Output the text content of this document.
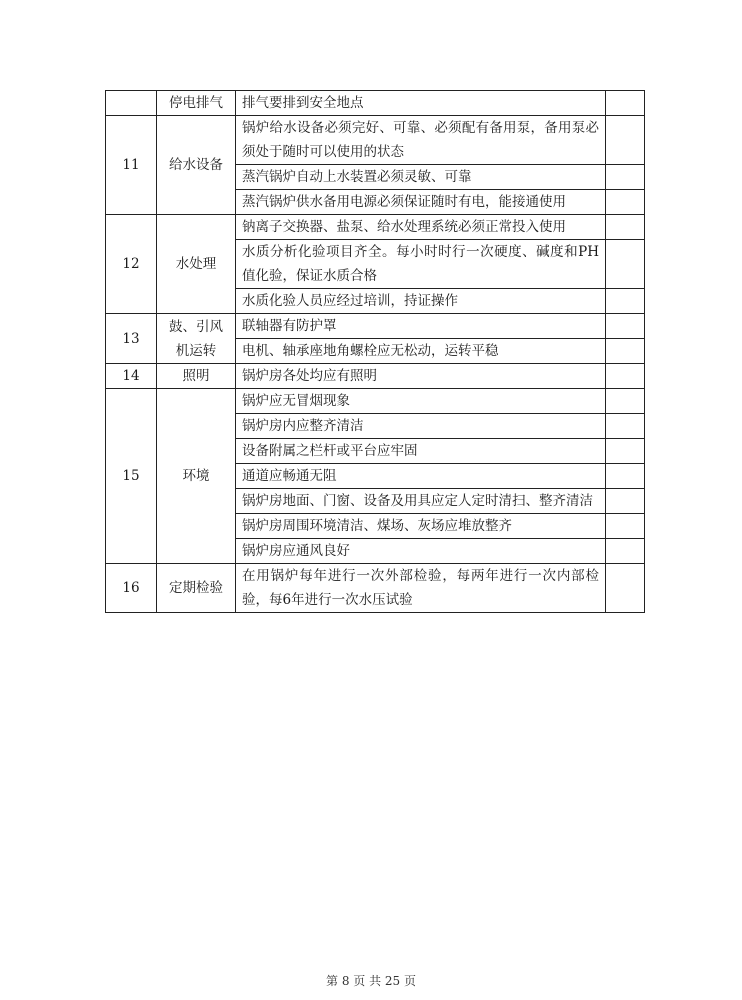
	停电排气	排气要排到安全地点	
11	给水设备	锅炉给水设备必须完好、可靠、必须配有备用泵，备用泵必须处于随时可以使用的状态	
		蒸汽锅炉自动上水装置必须灵敏、可靠	
		蒸汽锅炉供水备用电源必须保证随时有电，能接通使用	
12	水处理	钠离子交换器、盐泵、给水处理系统必须正常投入使用	
		水质分析化验项目齐全。每小时时行一次硬度、碱度和PH值化验，保证水质合格	
		水质化验人员应经过培训，持证操作	
13	鼓、引风机运转	联轴器有防护罩	
		电机、轴承座地角螺栓应无松动，运转平稳	
14	照明	锅炉房各处均应有照明	
15	环境	锅炉应无冒烟现象	
		锅炉房内应整齐清洁	
		设备附属之栏杆或平台应牢固	
		通道应畅通无阻	
		锅炉房地面、门窗、设备及用具应定人定时清扫、整齐清洁	
		锅炉房周围环境清洁、煤场、灰场应堆放整齐	
		锅炉房应通风良好	
16	定期检验	在用锅炉每年进行一次外部检验，每两年进行一次内部检验，每6年进行一次水压试验	
第 8 页 共 25 页
